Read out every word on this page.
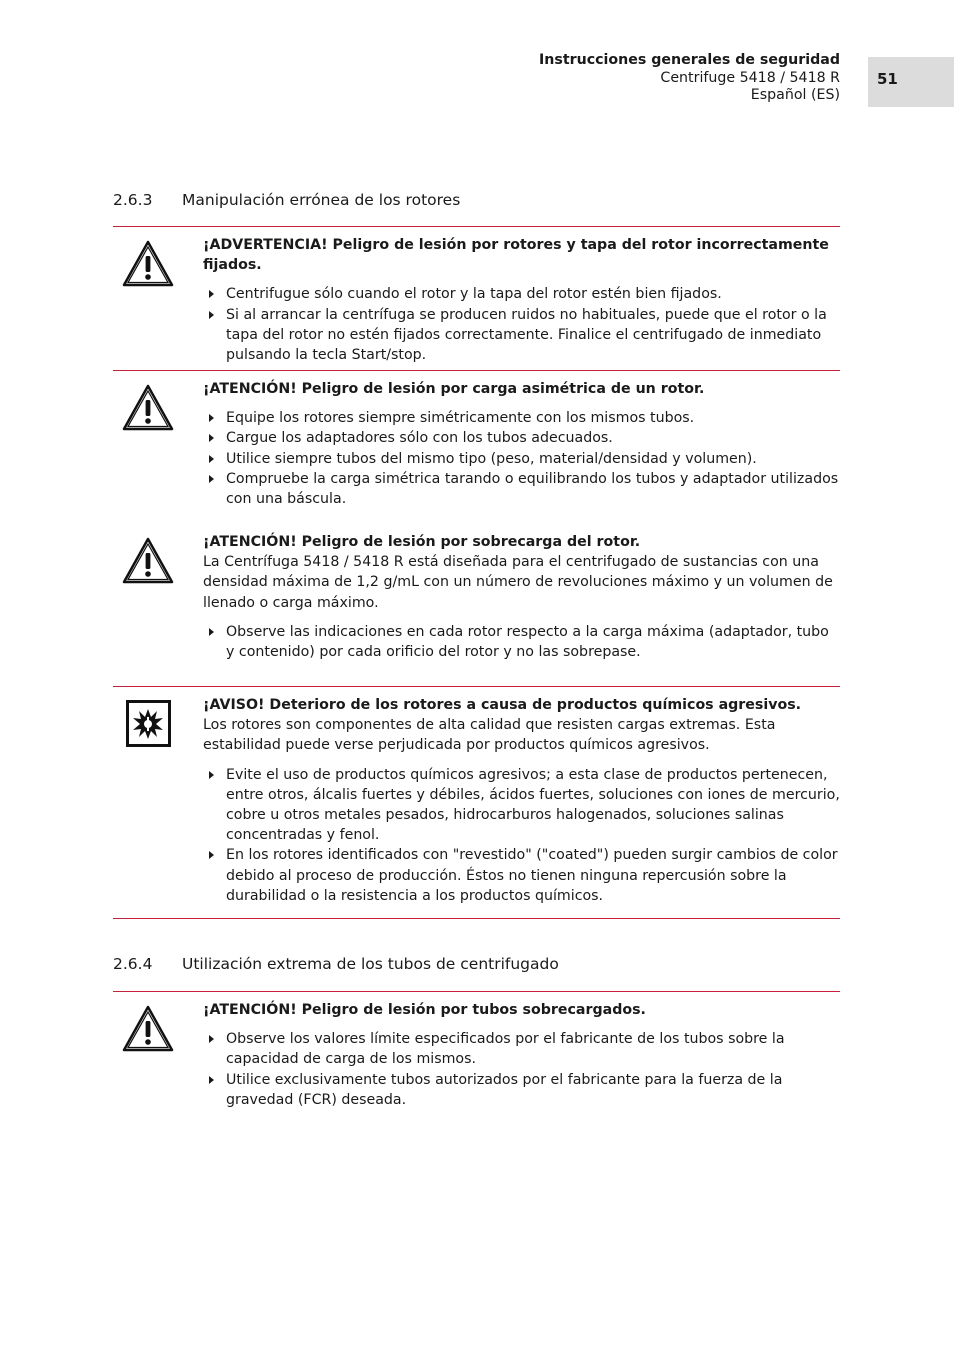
Instrucciones generales de seguridad
Centrifuge 5418 / 5418 R
Español (ES)
51
2.6.3 Manipulación errónea de los rotores
¡ADVERTENCIA! Peligro de lesión por rotores y tapa del rotor incorrectamente fijados.
Centrifugue sólo cuando el rotor y la tapa del rotor estén bien fijados.
Si al arrancar la centrífuga se producen ruidos no habituales, puede que el rotor o la tapa del rotor no estén fijados correctamente. Finalice el centrifugado de inmediato pulsando la tecla Start/stop.
¡ATENCIÓN! Peligro de lesión por carga asimétrica de un rotor.
Equipe los rotores siempre simétricamente con los mismos tubos.
Cargue los adaptadores sólo con los tubos adecuados.
Utilice siempre tubos del mismo tipo (peso, material/densidad y volumen).
Compruebe la carga simétrica tarando o equilibrando los tubos y adaptador utilizados con una báscula.
¡ATENCIÓN! Peligro de lesión por sobrecarga del rotor.

La Centrífuga 5418 / 5418 R está diseñada para el centrifugado de sustancias con una densidad máxima de 1,2 g/mL con un número de revoluciones máximo y un volumen de llenado o carga máximo.

Observe las indicaciones en cada rotor respecto a la carga máxima (adaptador, tubo y contenido) por cada orificio del rotor y no las sobrepase.
¡AVISO! Deterioro de los rotores a causa de productos químicos agresivos.

Los rotores son componentes de alta calidad que resisten cargas extremas. Esta estabilidad puede verse perjudicada por productos químicos agresivos.

Evite el uso de productos químicos agresivos; a esta clase de productos pertenecen, entre otros, álcalis fuertes y débiles, ácidos fuertes, soluciones con iones de mercurio, cobre u otros metales pesados, hidrocarburos halogenados, soluciones salinas concentradas y fenol.
En los rotores identificados con "revestido" ("coated") pueden surgir cambios de color debido al proceso de producción. Éstos no tienen ninguna repercusión sobre la durabilidad o la resistencia a los productos químicos.
2.6.4 Utilización extrema de los tubos de centrifugado
¡ATENCIÓN! Peligro de lesión por tubos sobrecargados.
Observe los valores límite especificados por el fabricante de los tubos sobre la capacidad de carga de los mismos.
Utilice exclusivamente tubos autorizados por el fabricante para la fuerza de la gravedad (FCR) deseada.
